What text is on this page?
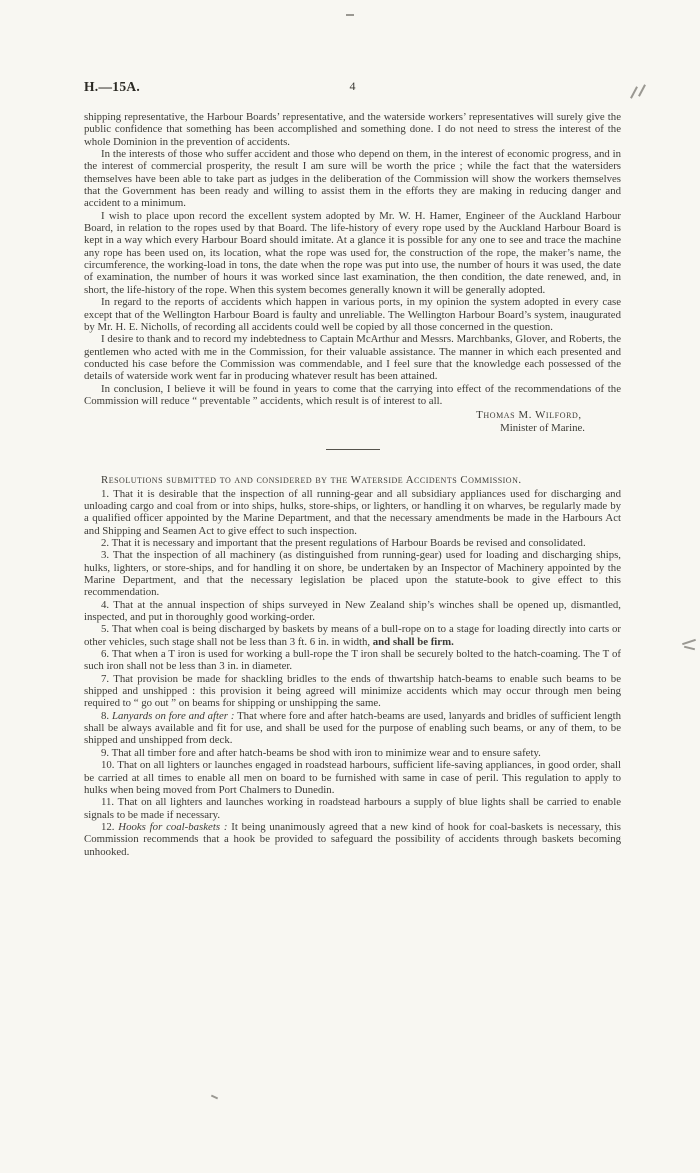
H.—15A.	4

shipping representative, the Harbour Boards’ representative, and the waterside workers’ representatives will surely give the public confidence that something has been accomplished and something done. I do not need to stress the interest of the whole Dominion in the prevention of accidents.

In the interests of those who suffer accident and those who depend on them, in the interest of economic progress, and in the interest of commercial prosperity, the result I am sure will be worth the price ; while the fact that the watersiders themselves have been able to take part as judges in the deliberation of the Commission will show the workers themselves that the Government has been ready and willing to assist them in the efforts they are making in reducing danger and accident to a minimum.

I wish to place upon record the excellent system adopted by Mr. W. H. Hamer, Engineer of the Auckland Harbour Board, in relation to the ropes used by that Board. The life-history of every rope used by the Auckland Harbour Board is kept in a way which every Harbour Board should imitate. At a glance it is possible for any one to see and trace the machine any rope has been used on, its location, what the rope was used for, the construction of the rope, the maker’s name, the circumference, the working-load in tons, the date when the rope was put into use, the number of hours it was used, the date of examination, the number of hours it was worked since last examination, the then condition, the date renewed, and, in short, the life-history of the rope. When this system becomes generally known it will be generally adopted.

In regard to the reports of accidents which happen in various ports, in my opinion the system adopted in every case except that of the Wellington Harbour Board is faulty and unreliable. The Wellington Harbour Board’s system, inaugurated by Mr. H. E. Nicholls, of recording all accidents could well be copied by all those concerned in the question.

I desire to thank and to record my indebtedness to Captain McArthur and Messrs. Marchbanks, Glover, and Roberts, the gentlemen who acted with me in the Commission, for their valuable assistance. The manner in which each presented and conducted his case before the Commission was commendable, and I feel sure that the knowledge each possessed of the details of waterside work went far in producing whatever result has been attained.

In conclusion, I believe it will be found in years to come that the carrying into effect of the recommendations of the Commission will reduce “ preventable ” accidents, which result is of interest to all.

Thomas M. Wilford,
Minister of Marine.

Resolutions submitted to and considered by the Waterside Accidents Commission.

1. That it is desirable that the inspection of all running-gear and all subsidiary appliances used for discharging and unloading cargo and coal from or into ships, hulks, store-ships, or lighters, or handling it on wharves, be regularly made by a qualified officer appointed by the Marine Department, and that the necessary amendments be made in the Harbours Act and Shipping and Seamen Act to give effect to such inspection.

2. That it is necessary and important that the present regulations of Harbour Boards be revised and consolidated.

3. That the inspection of all machinery (as distinguished from running-gear) used for loading and discharging ships, hulks, lighters, or store-ships, and for handling it on shore, be undertaken by an Inspector of Machinery appointed by the Marine Department, and that the necessary legislation be placed upon the statute-book to give effect to this recommendation.

4. That at the annual inspection of ships surveyed in New Zealand ship’s winches shall be opened up, dismantled, inspected, and put in thoroughly good working-order.

5. That when coal is being discharged by baskets by means of a bull-rope on to a stage for loading directly into carts or other vehicles, such stage shall not be less than 3 ft. 6 in. in width, and shall be firm.

6. That when a T iron is used for working a bull-rope the T iron shall be securely bolted to the hatch-coaming. The T of such iron shall not be less than 3 in. in diameter.

7. That provision be made for shackling bridles to the ends of thwartship hatch-beams to enable such beams to be shipped and unshipped : this provision it being agreed will minimize accidents which may occur through men being required to “ go out ” on beams for shipping or unshipping the same.

8. Lanyards on fore and after : That where fore and after hatch-beams are used, lanyards and bridles of sufficient length shall be always available and fit for use, and shall be used for the purpose of enabling such beams, or any of them, to be shipped and unshipped from deck.

9. That all timber fore and after hatch-beams be shod with iron to minimize wear and to ensure safety.

10. That on all lighters or launches engaged in roadstead harbours, sufficient life-saving appliances, in good order, shall be carried at all times to enable all men on board to be furnished with same in case of peril. This regulation to apply to hulks when being moved from Port Chalmers to Dunedin.

11. That on all lighters and launches working in roadstead harbours a supply of blue lights shall be carried to enable signals to be made if necessary.

12. Hooks for coal-baskets : It being unanimously agreed that a new kind of hook for coal-baskets is necessary, this Commission recommends that a hook be provided to safeguard the possibility of accidents through baskets becoming unhooked.
